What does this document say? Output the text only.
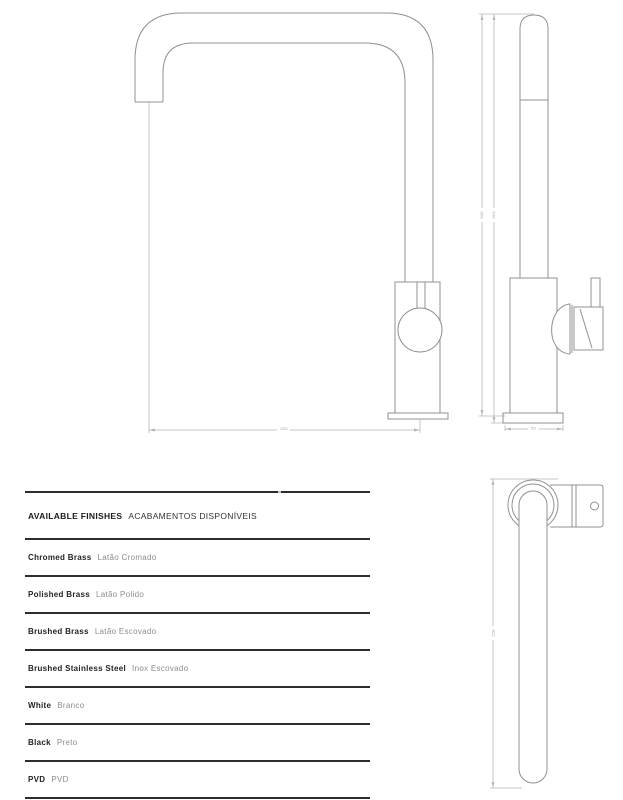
220
342 310
50
228
AVAILABLE FINISHES ACABAMENTOS DISPONÍVEIS
Chromed Brass Latão Cromado
Polished Brass Latão Polido
Brushed Brass Latão Escovado
Brushed Stainless Steel Inox Escovado
White Branco
Black Preto
PVD PVD
